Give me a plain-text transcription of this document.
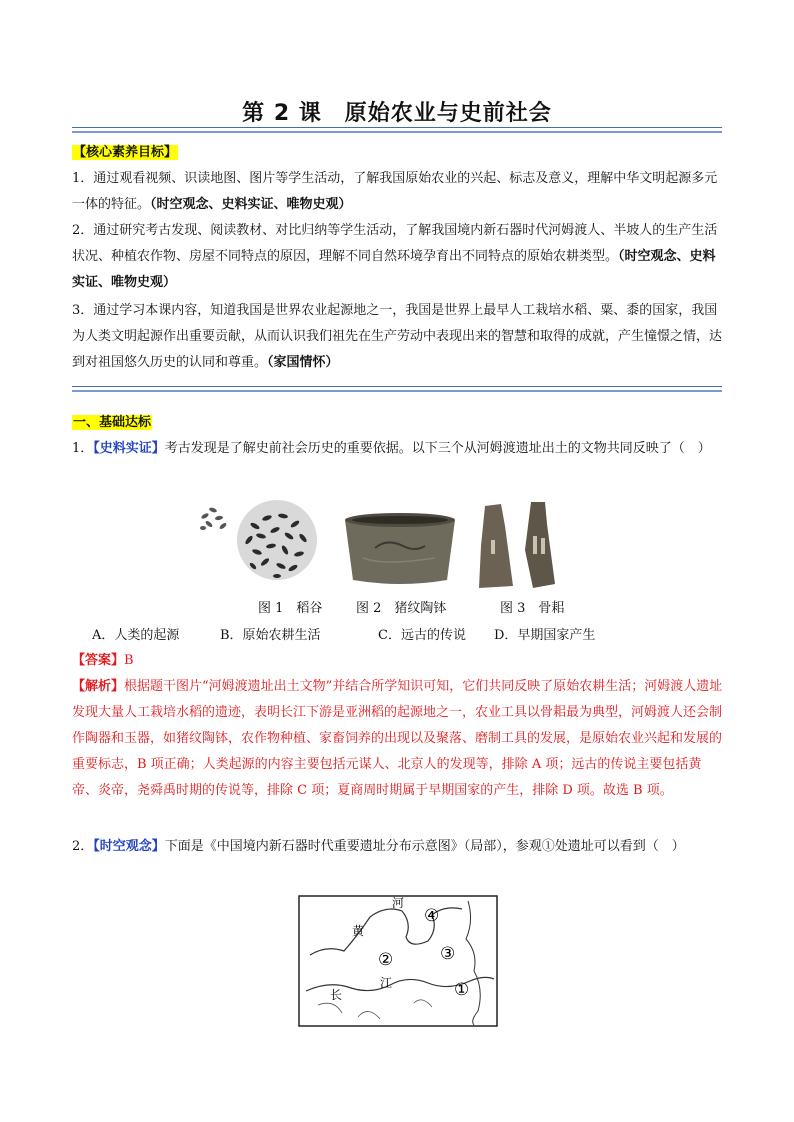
第 2 课　原始农业与史前社会
【核心素养目标】
1．通过观看视频、识读地图、图片等学生活动，了解我国原始农业的兴起、标志及意义，理解中华文明起源多元一体的特征。（时空观念、史料实证、唯物史观）
2．通过研究考古发现、阅读教材、对比归纳等学生活动，了解我国境内新石器时代河姆渡人、半坡人的生产生活状况、种植农作物、房屋不同特点的原因，理解不同自然环境孕育出不同特点的原始农耕类型。（时空观念、史料实证、唯物史观）
3．通过学习本课内容，知道我国是世界农业起源地之一，我国是世界上最早人工栽培水稻、粟、黍的国家，我国为人类文明起源作出重要贡献，从而认识我们祖先在生产劳动中表现出来的智慧和取得的成就，产生憧憬之情，达到对祖国悠久历史的认同和尊重。（家国情怀）
一、基础达标
1．【史料实证】考古发现是了解史前社会历史的重要依据。以下三个从河姆渡遗址出土的文物共同反映了（　）
图 1　稻谷	图 2　猪纹陶钵	图 3　骨耜
A．人类的起源	B．原始农耕生活	C．远古的传说 D．早期国家产生
【答案】B
【解析】根据题干图片“河姆渡遗址出土文物”并结合所学知识可知，它们共同反映了原始农耕生活；河姆渡人遗址发现大量人工栽培水稻的遗迹，表明长江下游是亚洲稻的起源地之一，农业工具以骨耜最为典型，河姆渡人还会制作陶器和玉器，如猪纹陶钵，农作物种植、家畜饲养的出现以及聚落、磨制工具的发展，是原始农业兴起和发展的重要标志，B 项正确；人类起源的内容主要包括元谋人、北京人的发现等，排除 A 项；远古的传说主要包括黄帝、炎帝，尧舜禹时期的传说等，排除 C 项；夏商周时期属于早期国家的产生，排除 D 项。故选 B 项。
2．【时空观念】下面是《中国境内新石器时代重要遗址分布示意图》（局部），参观①处遗址可以看到（　）
黄
河
长
江
④
②	③
①
